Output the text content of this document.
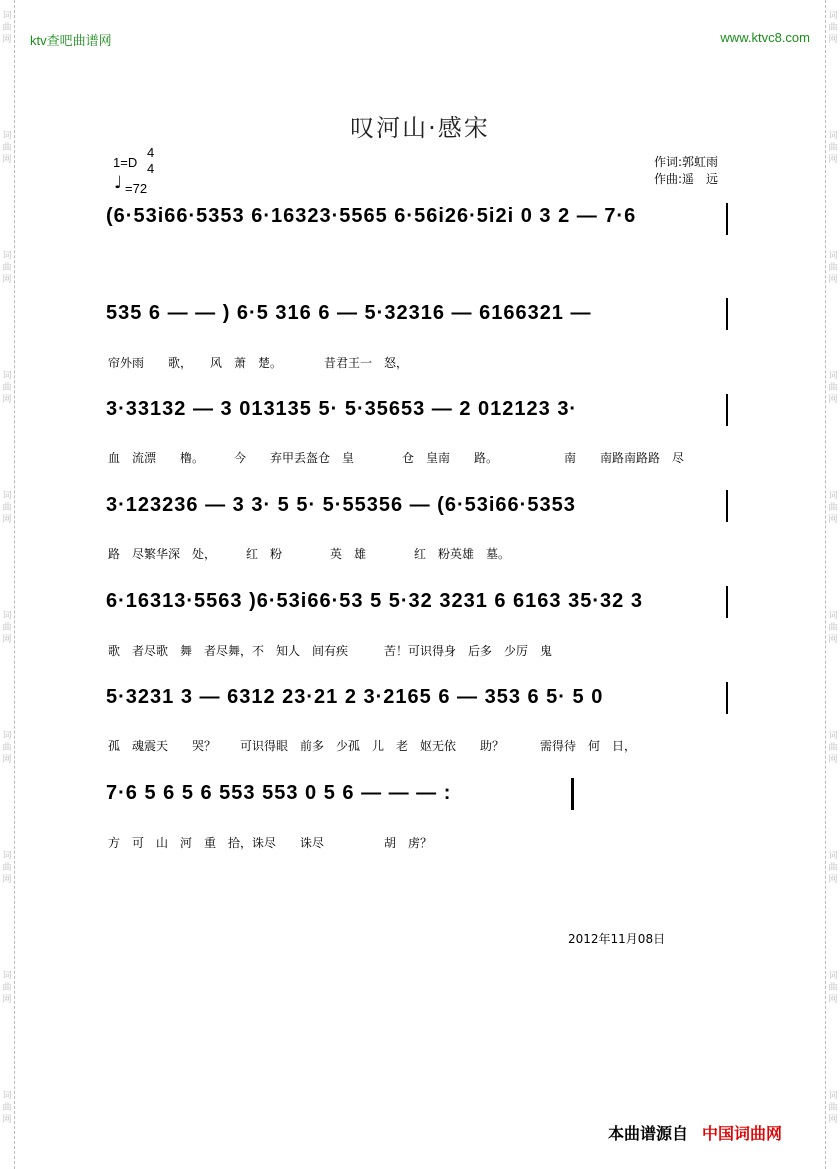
词曲网
词曲网
词曲网
词曲网
词曲网
词曲网
词曲网
词曲网
词曲网
词曲网
词曲网
词曲网
词曲网
词曲网
词曲网
词曲网
词曲网
词曲网
词曲网
词曲网
ktv查吧曲谱网	www.ktvc8.com
叹河山·感宋
1=D
4
4
♩ =72
作词:郭虹雨
作曲:遥　远
(6·53i66·5353 6·16323·5565 6·56i26·5i2i 0 3 2 — 7·6
535 6 — — ) 6·5 316 6 — 5·32316 — 6166321 —
帘外雨　　歌，　　风　萧　楚。　　　　昔君王一　怒，
3·33132 — 3 013135 5· 5·35653 — 2 012123 3·
血　流漂　　橹。　　　今　　弃甲丢盔仓　皇　　　　仓　皇南　　路。　　　　　　南　　南路南路路　尽
3·123236 — 3 3· 5 5· 5·55356 — (6·53i66·5353
路　尽繁华深　处，　　　红　粉　　　　英　雄　　　　红　粉英雄　墓。
6·16313·5563 )6·53i66·53 5 5·32 3231 6 6163 35·32 3
歌　者尽歌　舞　者尽舞，不　知人　间有疾　　　苦！可识得身　后多　少厉　鬼
5·3231 3 — 6312 23·21 2 3·2165 6 — 353 6 5· 5 0
孤　魂震天　　哭？　　可识得眼　前多　少孤　儿　老　妪无依　　助？　　　需得待　何　日，
7·6 5 6 5 6 553 553 0 5 6 — — — :
方　可　山　河　重　拾，诛尽　　诛尽　　　　　胡　虏？
2012年11月08日
本曲谱源自 中国词曲网
